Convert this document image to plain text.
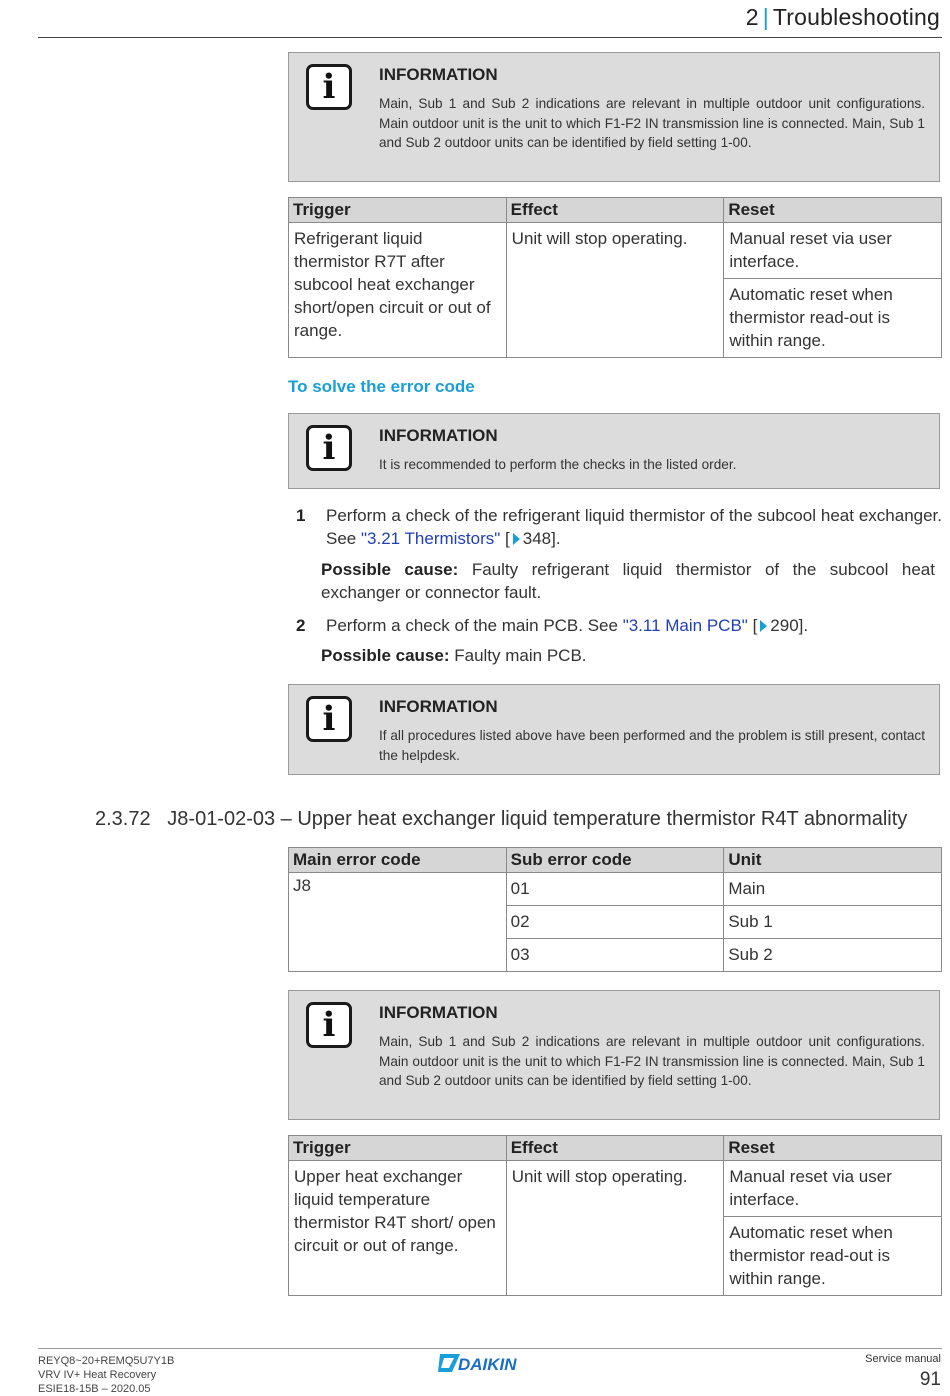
2 | Troubleshooting
i	INFORMATION
Main, Sub 1 and Sub 2 indications are relevant in multiple outdoor unit configurations. Main outdoor unit is the unit to which F1-F2 IN transmission line is connected. Main, Sub 1 and Sub 2 outdoor units can be identified by field setting 1-00.
Trigger	Effect	Reset
Refrigerant liquid thermistor R7T after subcool heat exchanger short/open circuit or out of range.	Unit will stop operating.	Manual reset via user interface.
		Automatic reset when thermistor read-out is within range.
To solve the error code
i	INFORMATION
It is recommended to perform the checks in the listed order.
1 Perform a check of the refrigerant liquid thermistor of the subcool heat exchanger. See "3.21 Thermistors" [ 348].
Possible cause: Faulty refrigerant liquid thermistor of the subcool heat exchanger or connector fault.
2 Perform a check of the main PCB. See "3.11 Main PCB" [ 290].
Possible cause: Faulty main PCB.
i	INFORMATION
If all procedures listed above have been performed and the problem is still present, contact the helpdesk.
2.3.72 J8-01-02-03 – Upper heat exchanger liquid temperature thermistor R4T abnormality
Main error code	Sub error code	Unit
J8	01	Main
	02	Sub 1
	03	Sub 2
i	INFORMATION
Main, Sub 1 and Sub 2 indications are relevant in multiple outdoor unit configurations. Main outdoor unit is the unit to which F1-F2 IN transmission line is connected. Main, Sub 1 and Sub 2 outdoor units can be identified by field setting 1-00.
Trigger	Effect	Reset
Upper heat exchanger liquid temperature thermistor R4T short/ open circuit or out of range.	Unit will stop operating.	Manual reset via user interface.
		Automatic reset when thermistor read-out is within range.
REYQ8~20+REMQ5U7Y1B
VRV IV+ Heat Recovery
ESIE18-15B – 2020.05
DAIKIN	Service manual
91
